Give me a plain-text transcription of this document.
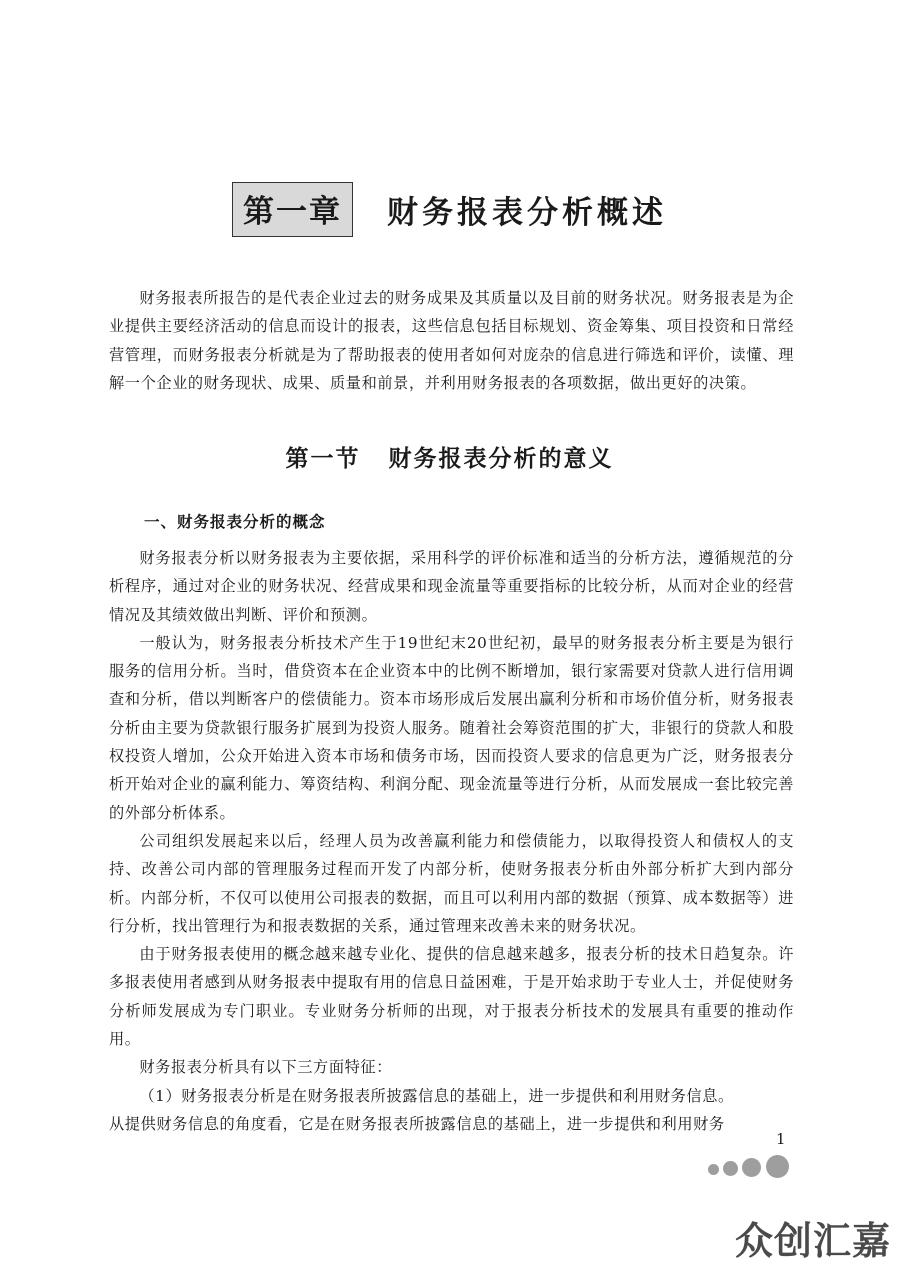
第一章 财务报表分析概述

财务报表所报告的是代表企业过去的财务成果及其质量以及目前的财务状况。财务报表是为企业提供主要经济活动的信息而设计的报表，这些信息包括目标规划、资金筹集、项目投资和日常经营管理，而财务报表分析就是为了帮助报表的使用者如何对庞杂的信息进行筛选和评价，读懂、理解一个企业的财务现状、成果、质量和前景，并利用财务报表的各项数据，做出更好的决策。

第一节 财务报表分析的意义
一、财务报表分析的概念

财务报表分析以财务报表为主要依据，采用科学的评价标准和适当的分析方法，遵循规范的分析程序，通过对企业的财务状况、经营成果和现金流量等重要指标的比较分析，从而对企业的经营情况及其绩效做出判断、评价和预测。

一般认为，财务报表分析技术产生于19世纪末20世纪初，最早的财务报表分析主要是为银行服务的信用分析。当时，借贷资本在企业资本中的比例不断增加，银行家需要对贷款人进行信用调查和分析，借以判断客户的偿债能力。资本市场形成后发展出赢利分析和市场价值分析，财务报表分析由主要为贷款银行服务扩展到为投资人服务。随着社会筹资范围的扩大，非银行的贷款人和股权投资人增加，公众开始进入资本市场和债务市场，因而投资人要求的信息更为广泛，财务报表分析开始对企业的赢利能力、筹资结构、利润分配、现金流量等进行分析，从而发展成一套比较完善的外部分析体系。

公司组织发展起来以后，经理人员为改善赢利能力和偿债能力，以取得投资人和债权人的支持、改善公司内部的管理服务过程而开发了内部分析，使财务报表分析由外部分析扩大到内部分析。内部分析，不仅可以使用公司报表的数据，而且可以利用内部的数据（预算、成本数据等）进行分析，找出管理行为和报表数据的关系，通过管理来改善未来的财务状况。

由于财务报表使用的概念越来越专业化、提供的信息越来越多，报表分析的技术日趋复杂。许多报表使用者感到从财务报表中提取有用的信息日益困难，于是开始求助于专业人士，并促使财务分析师发展成为专门职业。专业财务分析师的出现，对于报表分析技术的发展具有重要的推动作用。

财务报表分析具有以下三方面特征：

（1）财务报表分析是在财务报表所披露信息的基础上，进一步提供和利用财务信息。

从提供财务信息的角度看，它是在财务报表所披露信息的基础上，进一步提供和利用财务

1
众创汇嘉
